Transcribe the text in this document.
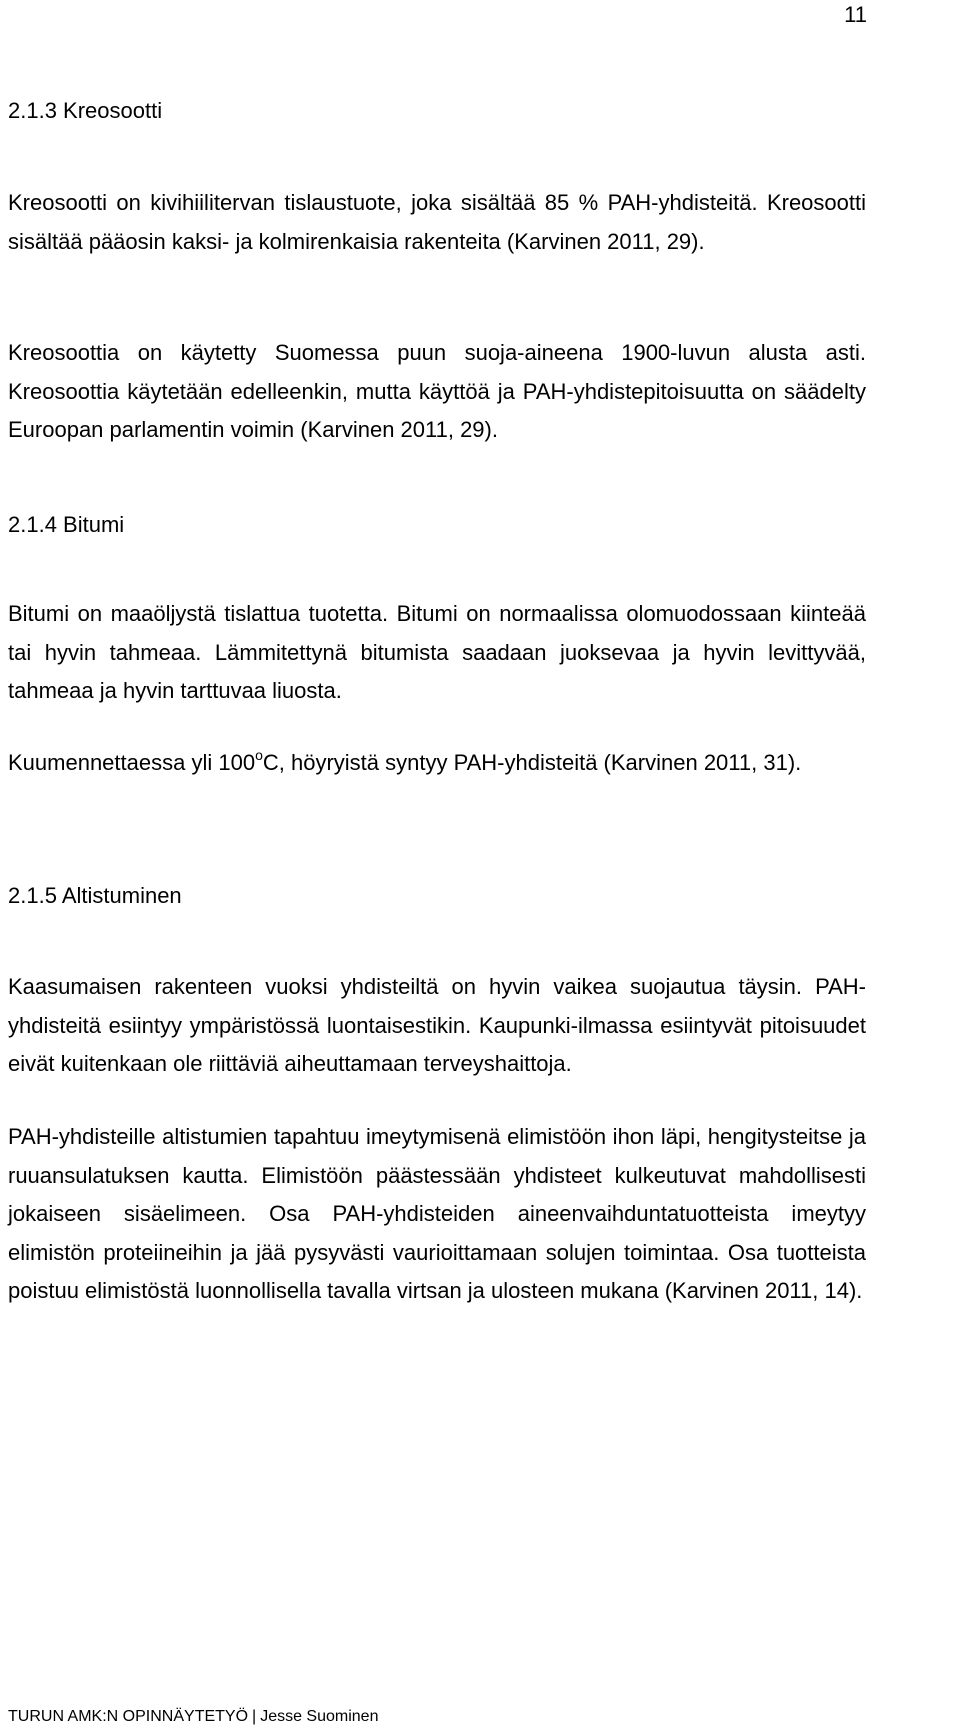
11
2.1.3 Kreosootti

Kreosootti on kivihiilitervan tislaustuote, joka sisältää 85 % PAH-yhdisteitä. Kreosootti sisältää pääosin kaksi- ja kolmirenkaisia rakenteita (Karvinen 2011, 29).

Kreosoottia on käytetty Suomessa puun suoja-aineena 1900-luvun alusta asti. Kreosoottia käytetään edelleenkin, mutta käyttöä ja PAH-yhdistepitoisuutta on säädelty Euroopan parlamentin voimin (Karvinen 2011, 29).

2.1.4 Bitumi

Bitumi on maaöljystä tislattua tuotetta. Bitumi on normaalissa olomuodossaan kiinteää tai hyvin tahmeaa. Lämmitettynä bitumista saadaan juoksevaa ja hyvin levittyvää, tahmeaa ja hyvin tarttuvaa liuosta.

Kuumennettaessa yli 100$^o$C, höyryistä syntyy PAH-yhdisteitä (Karvinen 2011, 31).

2.1.5 Altistuminen

Kaasumaisen rakenteen vuoksi yhdisteiltä on hyvin vaikea suojautua täysin. PAH-yhdisteitä esiintyy ympäristössä luontaisestikin. Kaupunki-ilmassa esiintyvät pitoisuudet eivät kuitenkaan ole riittäviä aiheuttamaan terveyshaittoja.

PAH-yhdisteille altistumien tapahtuu imeytymisenä elimistöön ihon läpi, hengitysteitse ja ruuansulatuksen kautta. Elimistöön päästessään yhdisteet kulkeutuvat mahdollisesti jokaiseen sisäelimeen. Osa PAH-yhdisteiden aineenvaihduntatuotteista imeytyy elimistön proteiineihin ja jää pysyvästi vaurioittamaan solujen toimintaa. Osa tuotteista poistuu elimistöstä luonnollisella tavalla virtsan ja ulosteen mukana (Karvinen 2011, 14).

TURUN AMK:N OPINNÄYTETYÖ | Jesse Suominen
